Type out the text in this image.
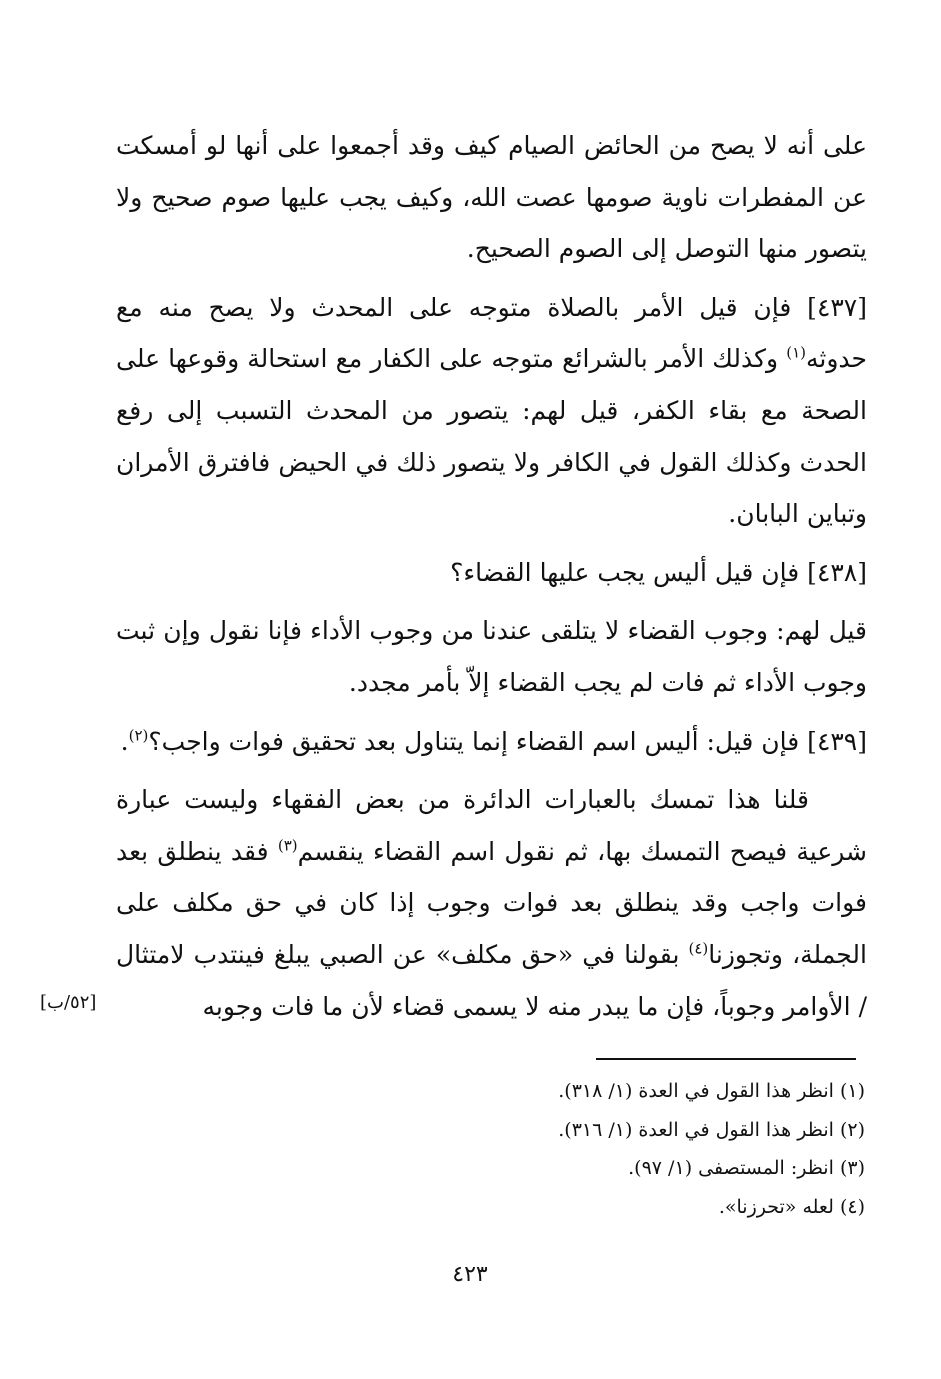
على أنه لا يصح من الحائض الصيام كيف وقد أجمعوا على أنها لو أمسكت عن المفطرات ناوية صومها عصت الله، وكيف يجب عليها صوم صحيح ولا يتصور منها التوصل إلى الصوم الصحيح.

[٤٣٧] فإن قيل الأمر بالصلاة متوجه على المحدث ولا يصح منه مع حدوثه$^{(١)}$ وكذلك الأمر بالشرائع متوجه على الكفار مع استحالة وقوعها على الصحة مع بقاء الكفر، قيل لهم: يتصور من المحدث التسبب إلى رفع الحدث وكذلك القول في الكافر ولا يتصور ذلك في الحيض فافترق الأمران وتباين البابان.

[٤٣٨] فإن قيل أليس يجب عليها القضاء؟

قيل لهم: وجوب القضاء لا يتلقى عندنا من وجوب الأداء فإنا نقول وإن ثبت وجوب الأداء ثم فات لم يجب القضاء إلاّ بأمر مجدد.

[٤٣٩] فإن قيل: أليس اسم القضاء إنما يتناول بعد تحقيق فوات واجب؟$^{(٢)}$.

قلنا هذا تمسك بالعبارات الدائرة من بعض الفقهاء وليست عبارة شرعية فيصح التمسك بها، ثم نقول اسم القضاء ينقسم$^{(٣)}$ فقد ينطلق بعد فوات واجب وقد ينطلق بعد فوات وجوب إذا كان في حق مكلف على الجملة، وتجوزنا$^{(٤)}$ بقولنا في «حق مكلف» عن الصبي يبلغ فينتدب لامتثال / الأوامر وجوباً، فإن ما يبدر منه لا يسمى قضاء لأن ما فات وجوبه

[٥٢/ب]

(١) انظر هذا القول في العدة (١/ ٣١٨).

(٢) انظر هذا القول في العدة (١/ ٣١٦).

(٣) انظر: المستصفى (١/ ٩٧).

(٤) لعله «تحرزنا».

٤٢٣
